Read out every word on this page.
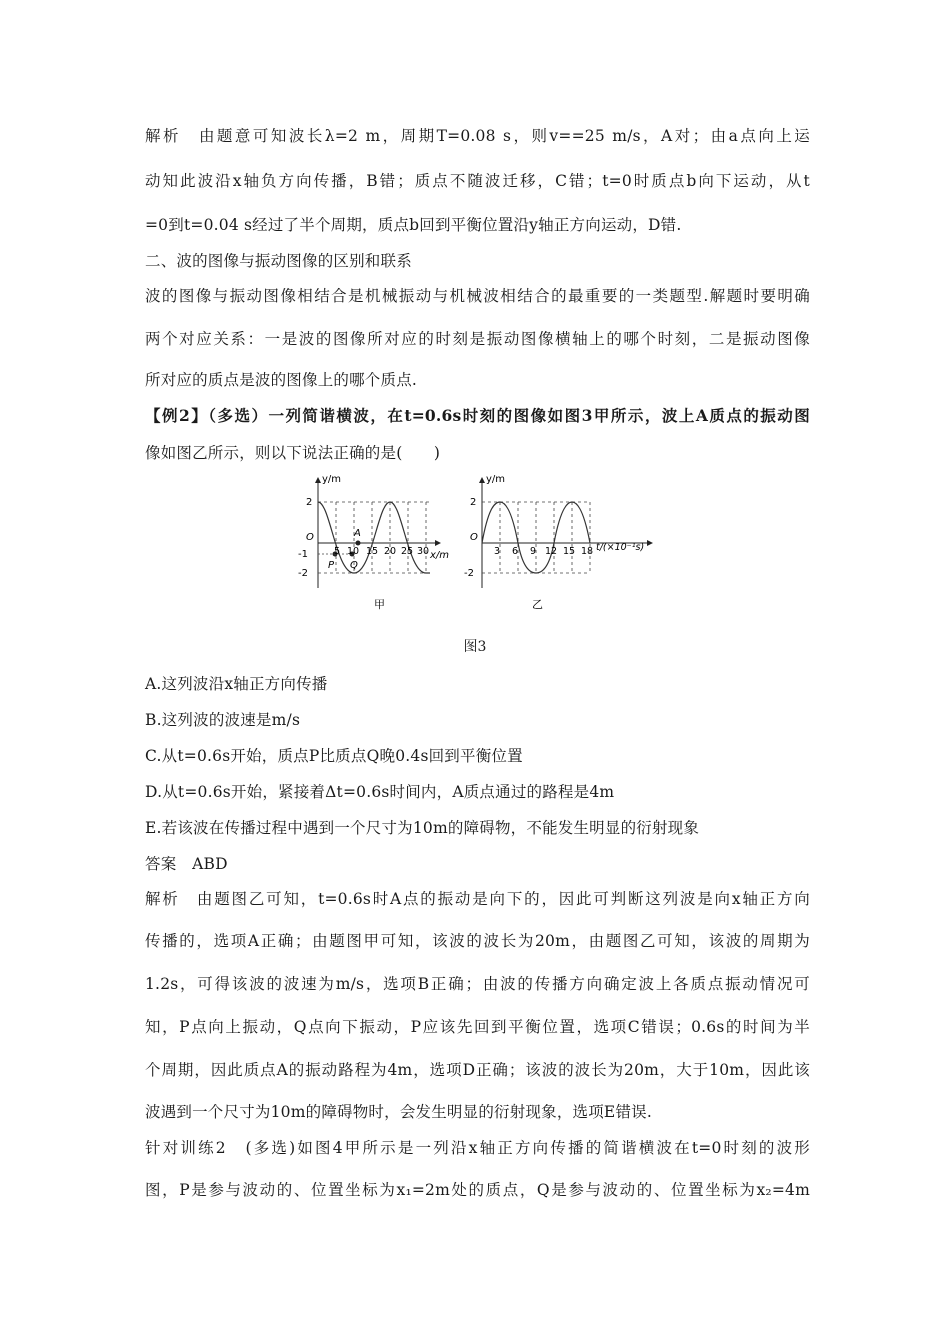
解析　由题意可知波长λ=2 m，周期T=0.08 s，则v==25 m/s，A对；由a点向上运
动知此波沿x轴负方向传播，B错；质点不随波迁移，C错；t=0时质点b向下运动，从t
=0到t=0.04 s经过了半个周期，质点b回到平衡位置沿y轴正方向运动，D错.
二、波的图像与振动图像的区别和联系
波的图像与振动图像相结合是机械振动与机械波相结合的最重要的一类题型.解题时要明确
两个对应关系：一是波的图像所对应的时刻是振动图像横轴上的哪个时刻，二是振动图像
所对应的质点是波的图像上的哪个质点.
【例2】（多选）一列简谐横波，在t=0.6s时刻的图像如图3甲所示，波上A质点的振动图
像如图乙所示，则以下说法正确的是(　　)
y/m
x/m
O
2
-1
-2
5 10 15 20 25 30
A
P Q
甲
y/m
t/(×10⁻¹s)
O
2
-2
3 6 9 12 15 18
乙
图3
A.这列波沿x轴正方向传播
B.这列波的波速是m/s
C.从t=0.6s开始，质点P比质点Q晚0.4s回到平衡位置
D.从t=0.6s开始，紧接着Δt=0.6s时间内，A质点通过的路程是4m
E.若该波在传播过程中遇到一个尺寸为10m的障碍物，不能发生明显的衍射现象
答案　ABD
解析　由题图乙可知，t=0.6s时A点的振动是向下的，因此可判断这列波是向x轴正方向
传播的，选项A正确；由题图甲可知，该波的波长为20m，由题图乙可知，该波的周期为
1.2s，可得该波的波速为m/s，选项B正确；由波的传播方向确定波上各质点振动情况可
知，P点向上振动，Q点向下振动，P应该先回到平衡位置，选项C错误；0.6s的时间为半
个周期，因此质点A的振动路程为4m，选项D正确；该波的波长为20m，大于10m，因此该
波遇到一个尺寸为10m的障碍物时，会发生明显的衍射现象，选项E错误.
针对训练2　(多选)如图4甲所示是一列沿x轴正方向传播的简谐横波在t=0时刻的波形
图，P是参与波动的、位置坐标为x₁=2m处的质点，Q是参与波动的、位置坐标为x₂=4m
